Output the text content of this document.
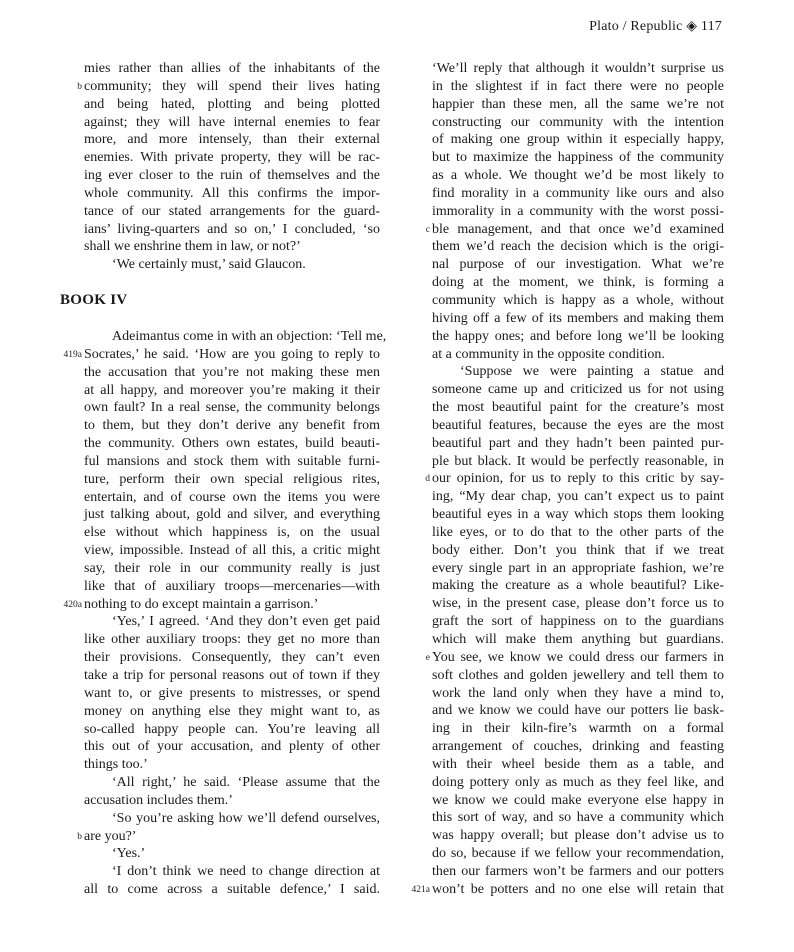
Plato / Republic ◈ 117
mies rather than allies of the inhabitants of the
community; they will spend their lives hating
b
and being hated, plotting and being plotted
against; they will have internal enemies to fear
more, and more intensely, than their external
enemies. With private property, they will be rac-
ing ever closer to the ruin of themselves and the
whole community. All this confirms the impor-
tance of our stated arrangements for the guard-
ians’ living-quarters and so on,’ I concluded, ‘so
shall we enshrine them in law, or not?’
‘We certainly must,’ said Glaucon.
BOOK IV
Adeimantus come in with an objection: ‘Tell me,
Socrates,’ he said. ‘How are you going to reply to
419a
the accusation that you’re not making these men
at all happy, and moreover you’re making it their
own fault? In a real sense, the community belongs
to them, but they don’t derive any benefit from
the community. Others own estates, build beauti-
ful mansions and stock them with suitable furni-
ture, perform their own special religious rites,
entertain, and of course own the items you were
just talking about, gold and silver, and everything
else without which happiness is, on the usual
view, impossible. Instead of all this, a critic might
say, their role in our community really is just
like that of auxiliary troops—mercenaries—with
nothing to do except maintain a garrison.’
420a
‘Yes,’ I agreed. ‘And they don’t even get paid
like other auxiliary troops: they get no more than
their provisions. Consequently, they can’t even
take a trip for personal reasons out of town if they
want to, or give presents to mistresses, or spend
money on anything else they might want to, as
so-called happy people can. You’re leaving all
this out of your accusation, and plenty of other
things too.’
‘All right,’ he said. ‘Please assume that the
accusation includes them.’
‘So you’re asking how we’ll defend ourselves,
are you?’
b
‘Yes.’
‘I don’t think we need to change direction at
all to come across a suitable defence,’ I said.
‘We’ll reply that although it wouldn’t surprise us
in the slightest if in fact there were no people
happier than these men, all the same we’re not
constructing our community with the intention
of making one group within it especially happy,
but to maximize the happiness of the community
as a whole. We thought we’d be most likely to
find morality in a community like ours and also
immorality in a community with the worst possi-
ble management, and that once we’d examined
c
them we’d reach the decision which is the origi-
nal purpose of our investigation. What we’re
doing at the moment, we think, is forming a
community which is happy as a whole, without
hiving off a few of its members and making them
the happy ones; and before long we’ll be looking
at a community in the opposite condition.
‘Suppose we were painting a statue and
someone came up and criticized us for not using
the most beautiful paint for the creature’s most
beautiful features, because the eyes are the most
beautiful part and they hadn’t been painted pur-
ple but black. It would be perfectly reasonable, in
our opinion, for us to reply to this critic by say-
d
ing, “My dear chap, you can’t expect us to paint
beautiful eyes in a way which stops them looking
like eyes, or to do that to the other parts of the
body either. Don’t you think that if we treat
every single part in an appropriate fashion, we’re
making the creature as a whole beautiful? Like-
wise, in the present case, please don’t force us to
graft the sort of happiness on to the guardians
which will make them anything but guardians.
You see, we know we could dress our farmers in
e
soft clothes and golden jewellery and tell them to
work the land only when they have a mind to,
and we know we could have our potters lie bask-
ing in their kiln-fire’s warmth on a formal
arrangement of couches, drinking and feasting
with their wheel beside them as a table, and
doing pottery only as much as they feel like, and
we know we could make everyone else happy in
this sort of way, and so have a community which
was happy overall; but please don’t advise us to
do so, because if we fellow your recommendation,
then our farmers won’t be farmers and our potters
won’t be potters and no one else will retain that
421a
